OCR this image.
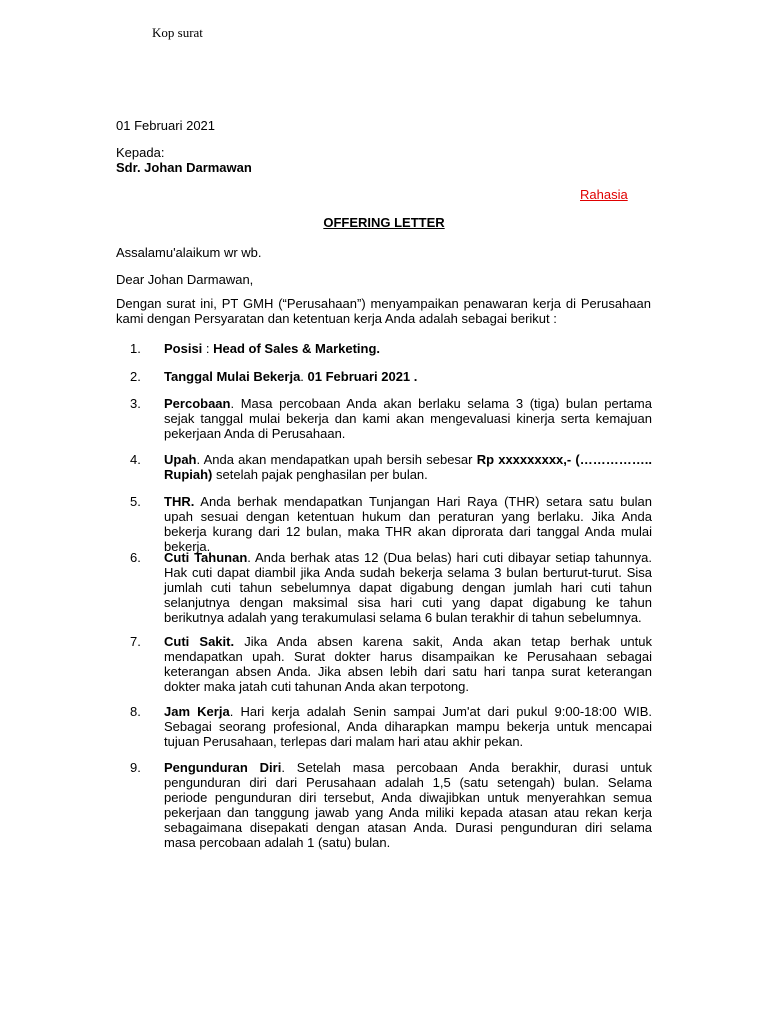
Kop surat
01 Februari 2021
Kepada:
Sdr. Johan Darmawan
Rahasia
OFFERING LETTER
Assalamu'alaikum wr wb.
Dear Johan Darmawan,
Dengan surat ini, PT GMH (“Perusahaan”) menyampaikan penawaran kerja di Perusahaan kami dengan Persyaratan dan ketentuan kerja Anda adalah sebagai berikut :
1. Posisi : Head of Sales & Marketing.
2. Tanggal Mulai Bekerja. 01 Februari 2021 .
3. Percobaan. Masa percobaan Anda akan berlaku selama 3 (tiga) bulan pertama sejak tanggal mulai bekerja dan kami akan mengevaluasi kinerja serta kemajuan pekerjaan Anda di Perusahaan.
4. Upah. Anda akan mendapatkan upah bersih sebesar Rp xxxxxxxxx,- (…………….. Rupiah) setelah pajak penghasilan per bulan.
5. THR. Anda berhak mendapatkan Tunjangan Hari Raya (THR) setara satu bulan upah sesuai dengan ketentuan hukum dan peraturan yang berlaku. Jika Anda bekerja kurang dari 12 bulan, maka THR akan diprorata dari tanggal Anda mulai bekerja.
6. Cuti Tahunan. Anda berhak atas 12 (Dua belas) hari cuti dibayar setiap tahunnya. Hak cuti dapat diambil jika Anda sudah bekerja selama 3 bulan berturut-turut. Sisa jumlah cuti tahun sebelumnya dapat digabung dengan jumlah hari cuti tahun selanjutnya dengan maksimal sisa hari cuti yang dapat digabung ke tahun berikutnya adalah yang terakumulasi selama 6 bulan terakhir di tahun sebelumnya.
7. Cuti Sakit. Jika Anda absen karena sakit, Anda akan tetap berhak untuk mendapatkan upah. Surat dokter harus disampaikan ke Perusahaan sebagai keterangan absen Anda. Jika absen lebih dari satu hari tanpa surat keterangan dokter maka jatah cuti tahunan Anda akan terpotong.
8. Jam Kerja. Hari kerja adalah Senin sampai Jum'at dari pukul 9:00-18:00 WIB. Sebagai seorang profesional, Anda diharapkan mampu bekerja untuk mencapai tujuan Perusahaan, terlepas dari malam hari atau akhir pekan.
9. Pengunduran Diri. Setelah masa percobaan Anda berakhir, durasi untuk pengunduran diri dari Perusahaan adalah 1,5 (satu setengah) bulan. Selama periode pengunduran diri tersebut, Anda diwajibkan untuk menyerahkan semua pekerjaan dan tanggung jawab yang Anda miliki kepada atasan atau rekan kerja sebagaimana disepakati dengan atasan Anda. Durasi pengunduran diri selama masa percobaan adalah 1 (satu) bulan.
